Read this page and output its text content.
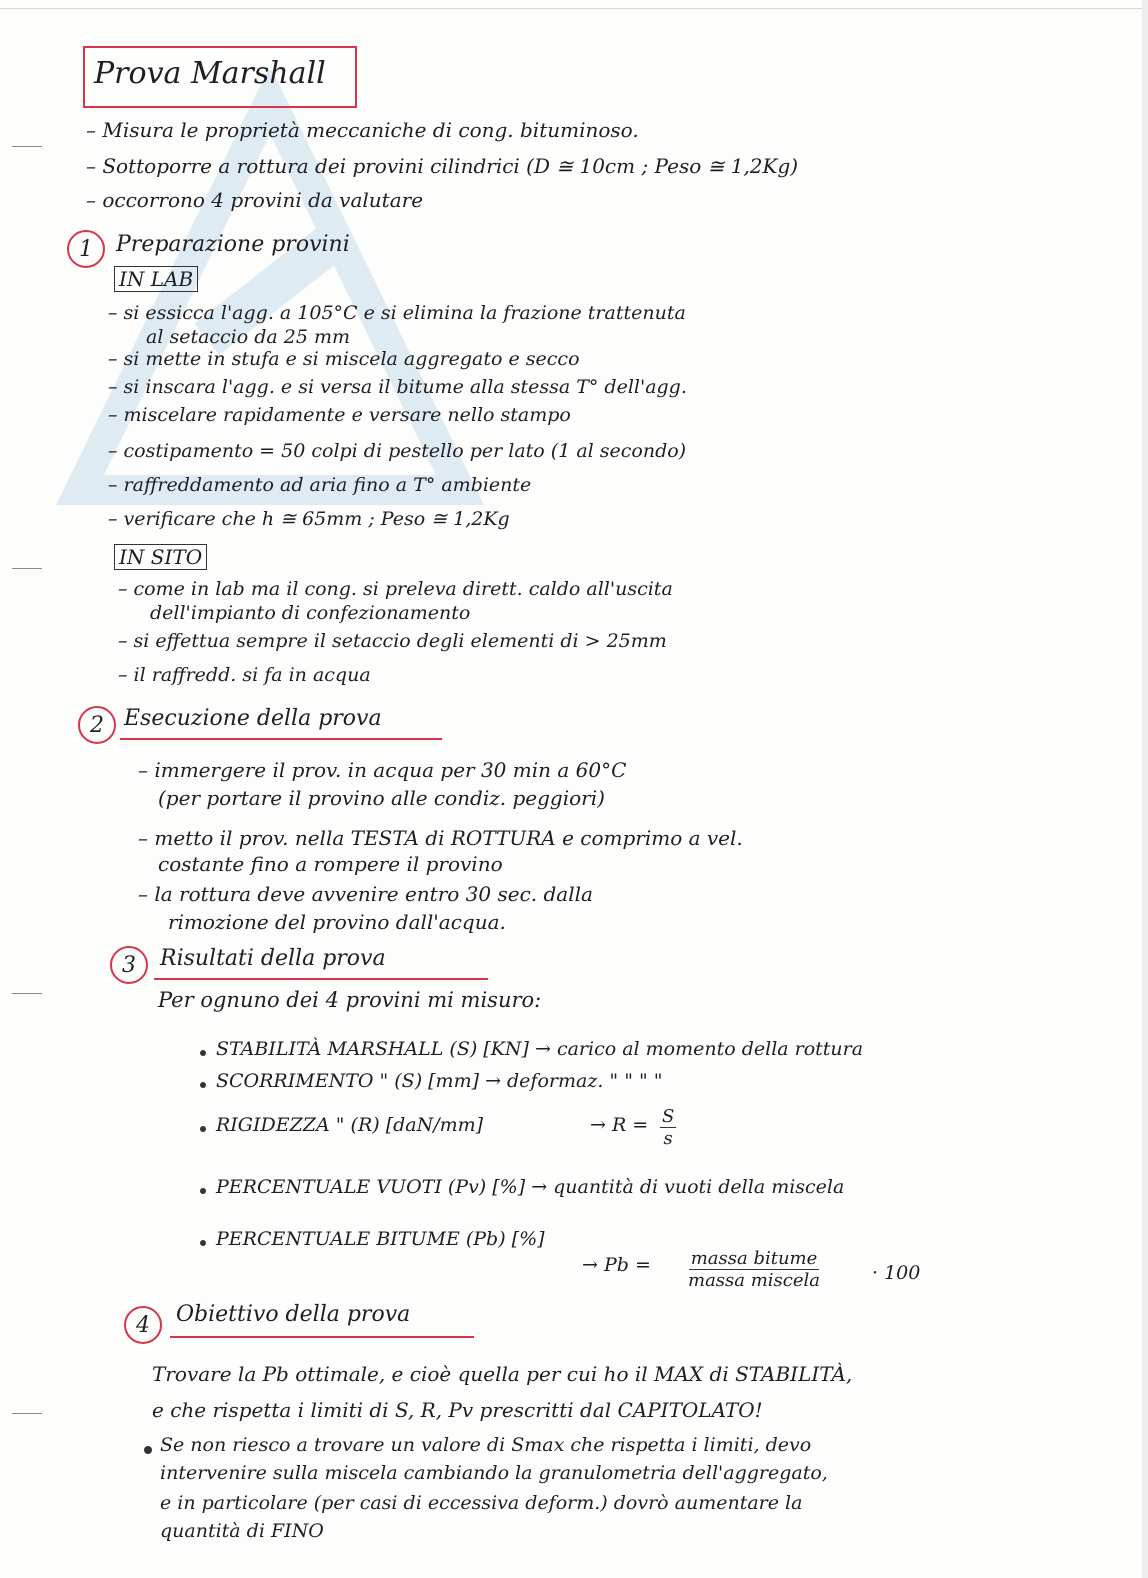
Prova Marshall
– Misura le proprietà meccaniche di cong. bituminoso.
– Sottoporre a rottura dei provini cilindrici (D ≅ 10cm ; Peso ≅ 1,2Kg)
– occorrono 4 provini da valutare
1	Preparazione provini
IN LAB
– si essicca l'agg. a 105°C e si elimina la frazione trattenuta
al setaccio da 25 mm
– si mette in stufa e si miscela aggregato e secco
– si inscara l'agg. e si versa il bitume alla stessa T° dell'agg.
– miscelare rapidamente e versare nello stampo
– costipamento = 50 colpi di pestello per lato (1 al secondo)
– raffreddamento ad aria fino a T° ambiente
– verificare che h ≅ 65mm ; Peso ≅ 1,2Kg
IN SITO
– come in lab ma il cong. si preleva dirett. caldo all'uscita
dell'impianto di confezionamento
– si effettua sempre il setaccio degli elementi di > 25mm
– il raffredd. si fa in acqua
2 Esecuzione della prova
– immergere il prov. in acqua per 30 min a 60°C
(per portare il provino alle condiz. peggiori)
– metto il prov. nella TESTA di ROTTURA e comprimo a vel.
costante fino a rompere il provino
– la rottura deve avvenire entro 30 sec. dalla
rimozione del provino dall'acqua.
3	Risultati della prova
Per ognuno dei 4 provini mi misuro:
STABILITÀ MARSHALL (S) [KN] → carico al momento della rottura
SCORRIMENTO " (S) [mm] → deformaz. " " " "
RIGIDEZZA " (R) [daN/mm]	→ $R = \frac{S}{s}$
PERCENTUALE VUOTI (Pv) [%] → quantità di vuoti della miscela
PERCENTUALE BITUME (Pb) [%]
→ Pb = massa bitume
massa miscela	· 100
4	Obiettivo della prova
Trovare la Pb ottimale, e cioè quella per cui ho il MAX di STABILITÀ,
e che rispetta i limiti di S, R, Pv prescritti dal CAPITOLATO!
Se non riesco a trovare un valore di Smax che rispetta i limiti, devo
intervenire sulla miscela cambiando la granulometria dell'aggregato,
e in particolare (per casi di eccessiva deform.) dovrò aumentare la
quantità di FINO
